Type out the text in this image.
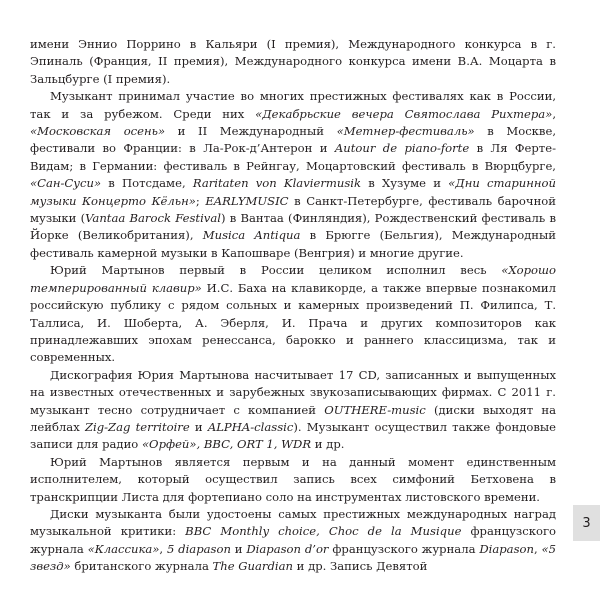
имени Эннио Поррино в Кальяри (I премия), Международного конкурса в г. Эпиналь (Франция, II премия), Международного конкурса имени В.А. Моцарта в Зальцбурге (I премия).

Музыкант принимал участие во многих престижных фестивалях как в России, так и за рубежом. Среди них «Декабрьские вечера Святослава Рихтера», «Московская осень» и II Международный «Метнер-фестиваль» в Москве, фестивали во Франции: в Ла-Рок-д’Антерон и Autour de piano-forte в Ля Ферте-Видам; в Германии: фестиваль в Рейнгау, Моцартовский фестиваль в Вюрцбурге, «Сан-Суси» в Потсдаме, Raritaten von Klaviermusik в Хузуме и «Дни старинной музыки Концерто Кёльн»; EARLYMUSIC в Санкт-Петербурге, фестиваль барочной музыки (Vantaa Barock Festival) в Вантаа (Финляндия), Рождественский фестиваль в Йорке (Великобритания), Musica Antiqua в Брюгге (Бельгия), Международный фестиваль камерной музыки в Капошваре (Венгрия) и многие другие.

Юрий Мартынов первый в России целиком исполнил весь «Хорошо темперированный клавир» И.С. Баха на клавикорде, а также впервые познакомил российскую публику с рядом сольных и камерных произведений П. Филипса, Т. Таллиса, И. Шоберта, А. Эберля, И. Прача и других композиторов как принадлежавших эпохам ренессанса, барокко и раннего классицизма, так и современных.

Дискография Юрия Мартынова насчитывает 17 CD, записанных и выпущенных на известных отечественных и зарубежных звукозаписывающих фирмах. С 2011 г. музыкант тесно сотрудничает с компанией OUTHERE-music (диски выходят на лейблах Zig-Zag territoire и ALPHA-classic). Музыкант осуществил также фондовые записи для радио «Орфей», BBC, ORT 1, WDR и др.

Юрий Мартынов является первым и на данный момент единственным исполнителем, который осуществил запись всех симфоний Бетховена в транскрипции Листа для фортепиано соло на инструментах листовского времени.

Диски музыканта были удостоены самых престижных международных наград музыкальной критики: BBC Monthly choice, Choc de la Musique французского журнала «Классика», 5 diapason и Diapason d’or французского журнала Diapason, «5 звезд» британского журнала The Guardian и др. Запись Девятой

3
